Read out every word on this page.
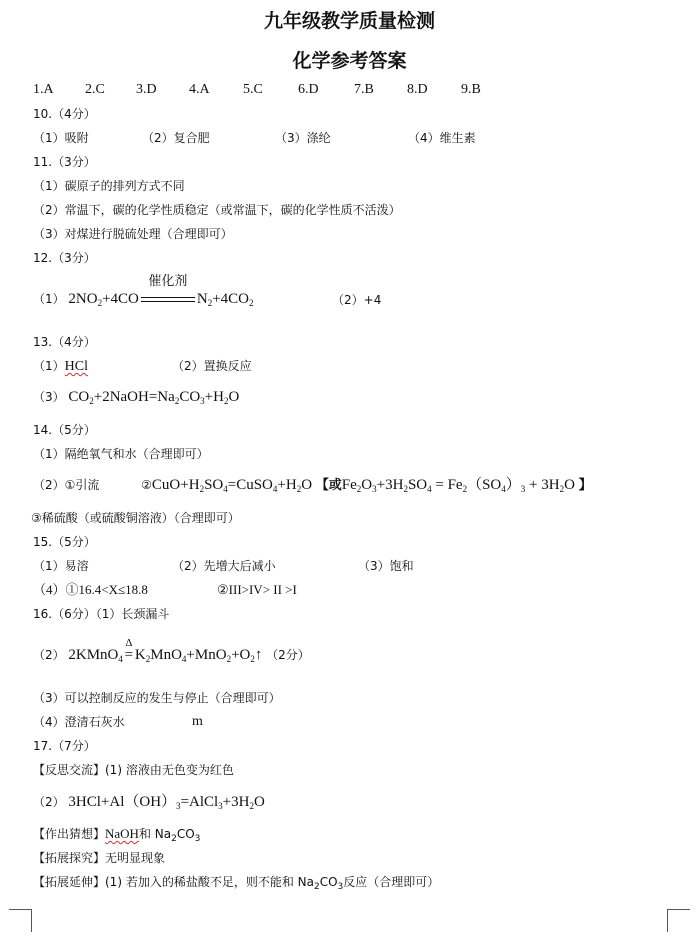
九年级教学质量检测
化学参考答案
1.A 2.C 3.D 4.A 5.C	6.D	7.B 8.D 9.B
10.（4分）
（1）吸附	（2）复合肥	（3）涤纶	（4）维生素
11.（3分）
（1）碳原子的排列方式不同
（2）常温下，碳的化学性质稳定（或常温下，碳的化学性质不活泼）
（3）对煤进行脱硫处理（合理即可）
12.（3分）
（1） $2NO_2+4CO$
催化剂
$N_2+4CO_2$	（2）+4
13.（4分）
（1）HCl	（2）置换反应
（3） $CO_2+2NaOH=Na_2CO_3+H_2O$
14.（5分）
（1）隔绝氧气和水（合理即可）
（2）①引流	$②CuO+H_2SO_4=CuSO_4+H_2O$ 【或$Fe_2O_3+3H_2SO_4 = Fe_2(SO_4)_3 + 3H_2O$ 】
③稀硫酸（或硫酸铜溶液）（合理即可）
15.（5分）
（1）易溶	（2）先增大后减小	（3）饱和
（4）①16.4<X≤18.8	②III>IV> II >I
16.（6分）（1）长颈漏斗
（2） 2KMnO$_4$
Δ
= $K_2MnO_4+MnO_2+O_2↑$ （2分）
（3）可以控制反应的发生与停止（合理即可）
（4）澄清石灰水	m
17.（7分）
【反思交流】(1) 溶液由无色变为红色
（2） $3HCl+Al(OH)_3=AlCl_3+3H_2O$
【作出猜想】NaOH和 $Na_2CO_3$
【拓展探究】无明显现象
【拓展延伸】(1) 若加入的稀盐酸不足，则不能和 $Na_2CO_3$反应（合理即可）
